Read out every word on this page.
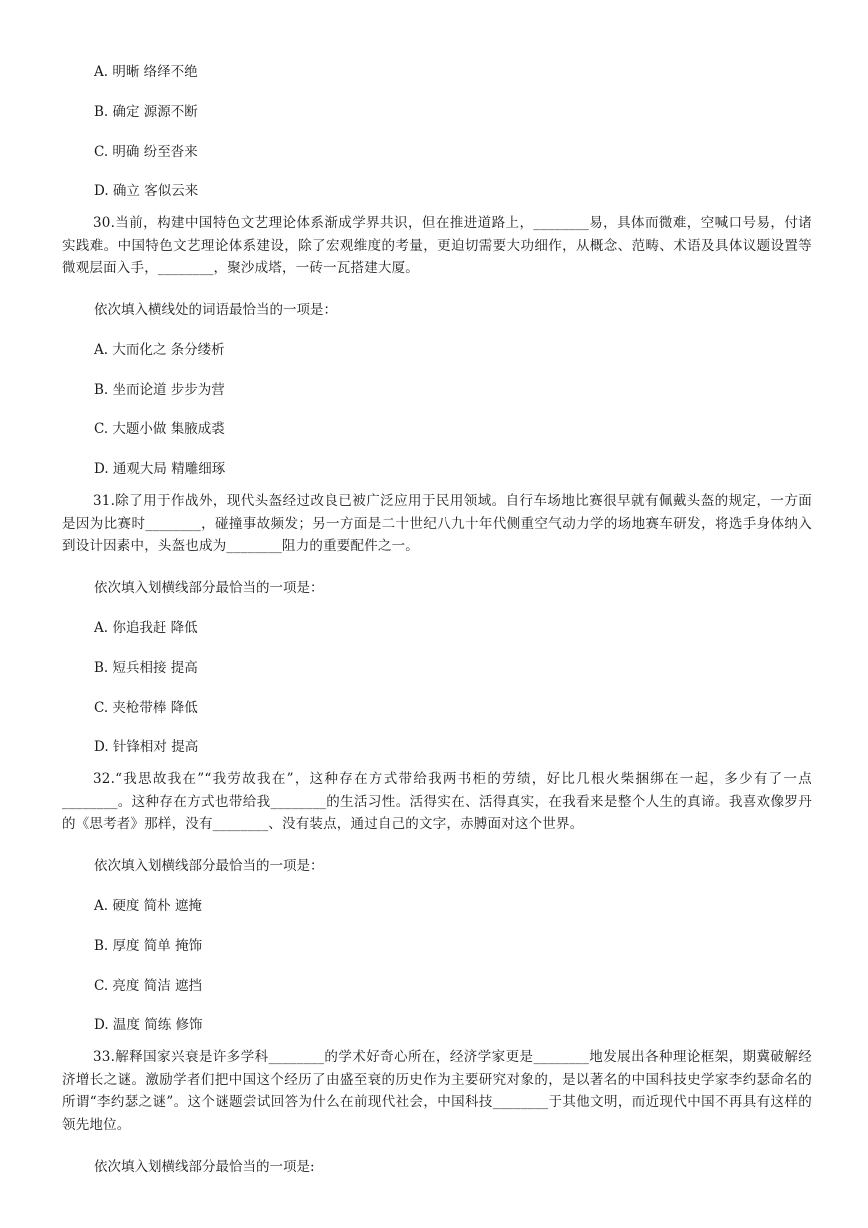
A. 明晰 络绎不绝
B. 确定 源源不断
C. 明确 纷至沓来
D. 确立 客似云来
30.当前，构建中国特色文艺理论体系渐成学界共识，但在推进道路上，________易，具体而微难，空喊口号易，付诸实践难。中国特色文艺理论体系建设，除了宏观维度的考量，更迫切需要大功细作，从概念、范畴、术语及具体议题设置等微观层面入手，________，聚沙成塔，一砖一瓦搭建大厦。
依次填入横线处的词语最恰当的一项是：
A. 大而化之 条分缕析
B. 坐而论道 步步为营
C. 大题小做 集腋成裘
D. 通观大局 精雕细琢
31.除了用于作战外，现代头盔经过改良已被广泛应用于民用领域。自行车场地比赛很早就有佩戴头盔的规定，一方面是因为比赛时________，碰撞事故频发；另一方面是二十世纪八九十年代侧重空气动力学的场地赛车研发，将选手身体纳入到设计因素中，头盔也成为________阻力的重要配件之一。
依次填入划横线部分最恰当的一项是：
A. 你追我赶 降低
B. 短兵相接 提高
C. 夹枪带棒 降低
D. 针锋相对 提高
32.“我思故我在”“我劳故我在”，这种存在方式带给我两书柜的劳绩，好比几根火柴捆绑在一起，多少有了一点________。这种存在方式也带给我________的生活习性。活得实在、活得真实，在我看来是整个人生的真谛。我喜欢像罗丹的《思考者》那样，没有________、没有装点，通过自己的文字，赤膊面对这个世界。
依次填入划横线部分最恰当的一项是：
A. 硬度 简朴 遮掩
B. 厚度 简单 掩饰
C. 亮度 简洁 遮挡
D. 温度 简练 修饰
33.解释国家兴衰是许多学科________的学术好奇心所在，经济学家更是________地发展出各种理论框架，期冀破解经济增长之谜。激励学者们把中国这个经历了由盛至衰的历史作为主要研究对象的，是以著名的中国科技史学家李约瑟命名的所谓“李约瑟之谜”。这个谜题尝试回答为什么在前现代社会，中国科技________于其他文明，而近现代中国不再具有这样的领先地位。
依次填入划横线部分最恰当的一项是:
